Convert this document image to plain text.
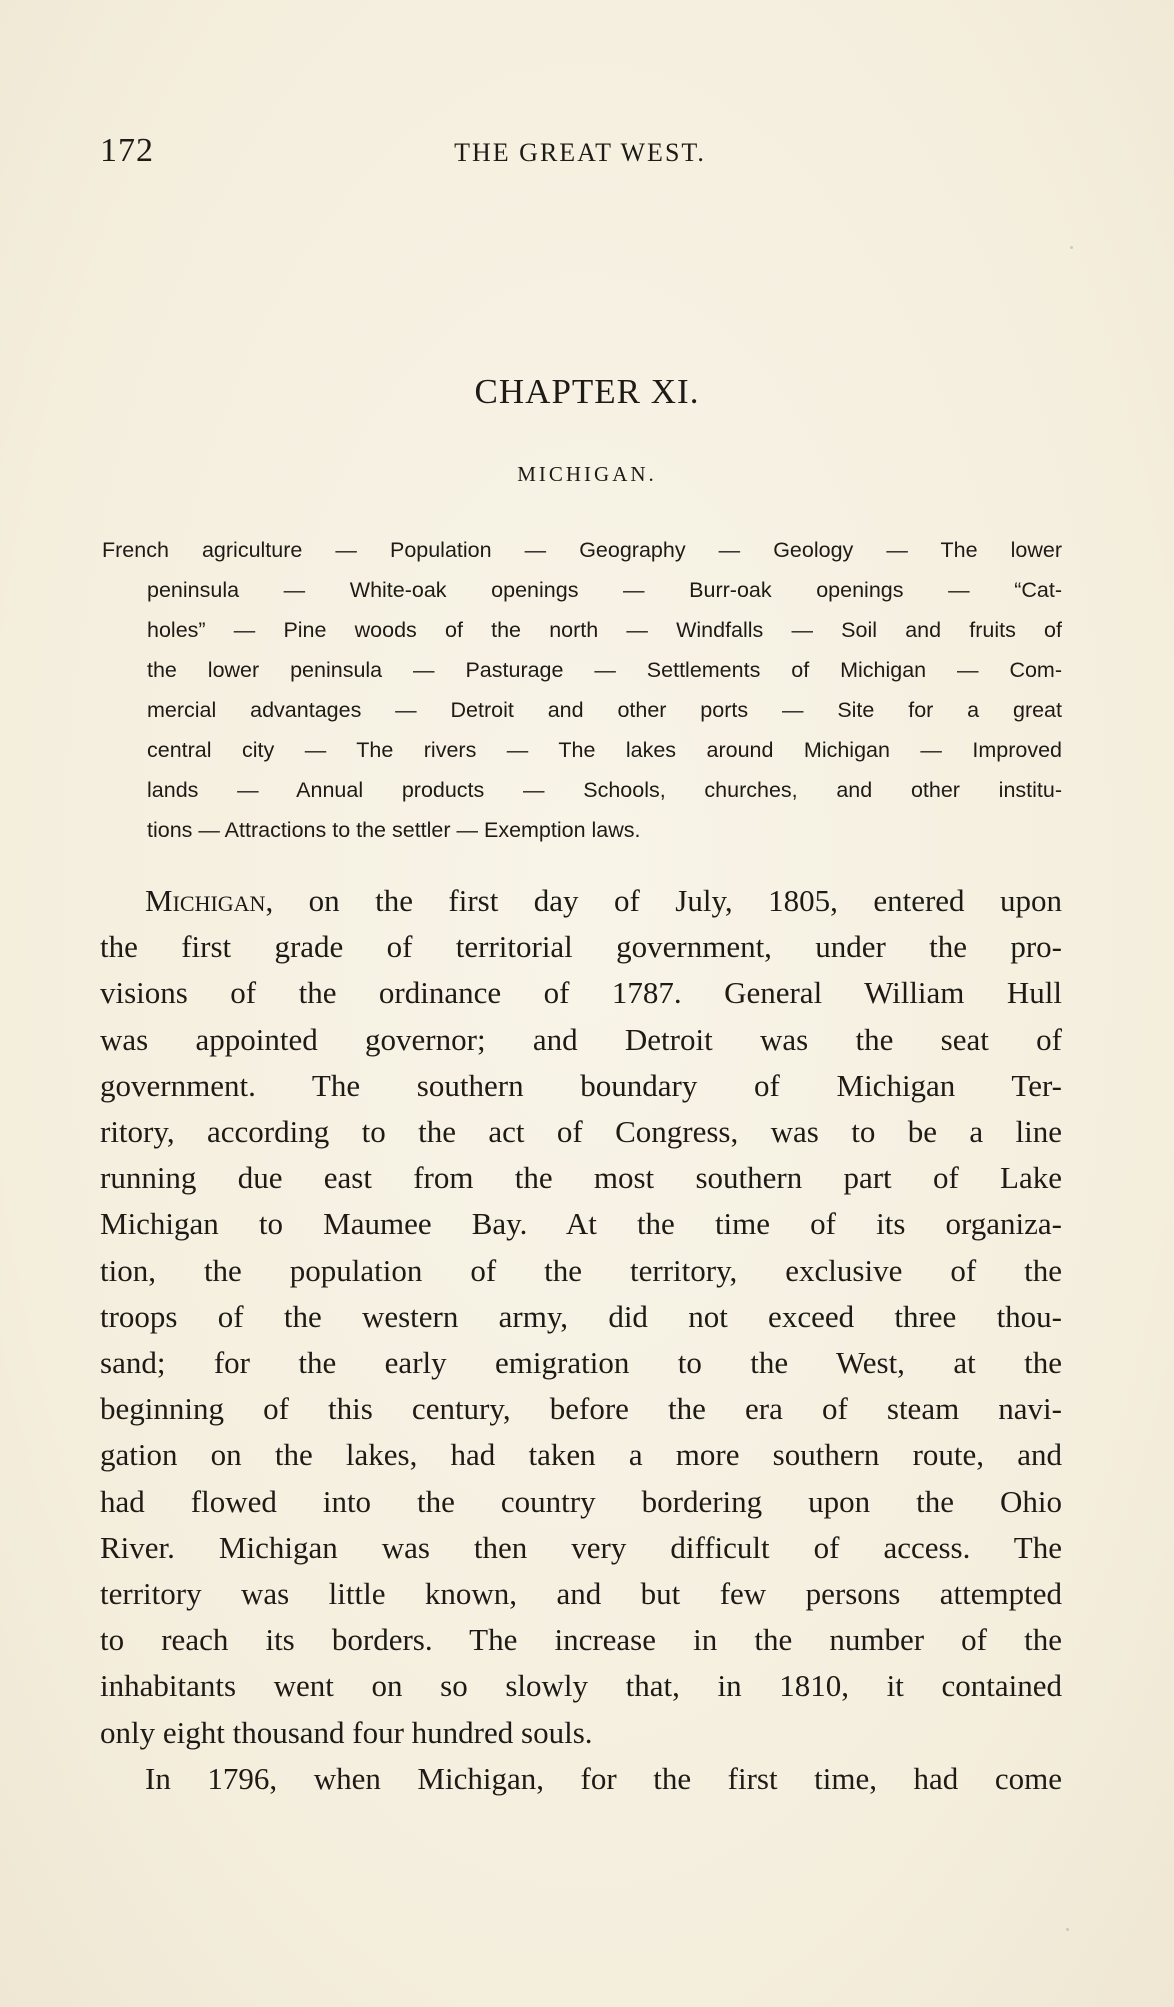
172	THE GREAT WEST.
CHAPTER XI.
MICHIGAN.
French agriculture — Population — Geography — Geology — The lower
peninsula — White-oak openings — Burr-oak openings — “Cat-
holes” — Pine woods of the north — Windfalls — Soil and fruits of
the lower peninsula — Pasturage — Settlements of Michigan — Com-
mercial advantages — Detroit and other ports — Site for a great
central city — The rivers — The lakes around Michigan — Improved
lands — Annual products — Schools, churches, and other institu-
tions — Attractions to the settler — Exemption laws.
Michigan, on the first day of July, 1805, entered upon
the first grade of territorial government, under the pro-
visions of the ordinance of 1787. General William Hull
was appointed governor; and Detroit was the seat of
government. The southern boundary of Michigan Ter-
ritory, according to the act of Congress, was to be a line
running due east from the most southern part of Lake
Michigan to Maumee Bay. At the time of its organiza-
tion, the population of the territory, exclusive of the
troops of the western army, did not exceed three thou-
sand; for the early emigration to the West, at the
beginning of this century, before the era of steam navi-
gation on the lakes, had taken a more southern route, and
had flowed into the country bordering upon the Ohio
River. Michigan was then very difficult of access. The
territory was little known, and but few persons attempted
to reach its borders. The increase in the number of the
inhabitants went on so slowly that, in 1810, it contained
only eight thousand four hundred souls.
In 1796, when Michigan, for the first time, had come
